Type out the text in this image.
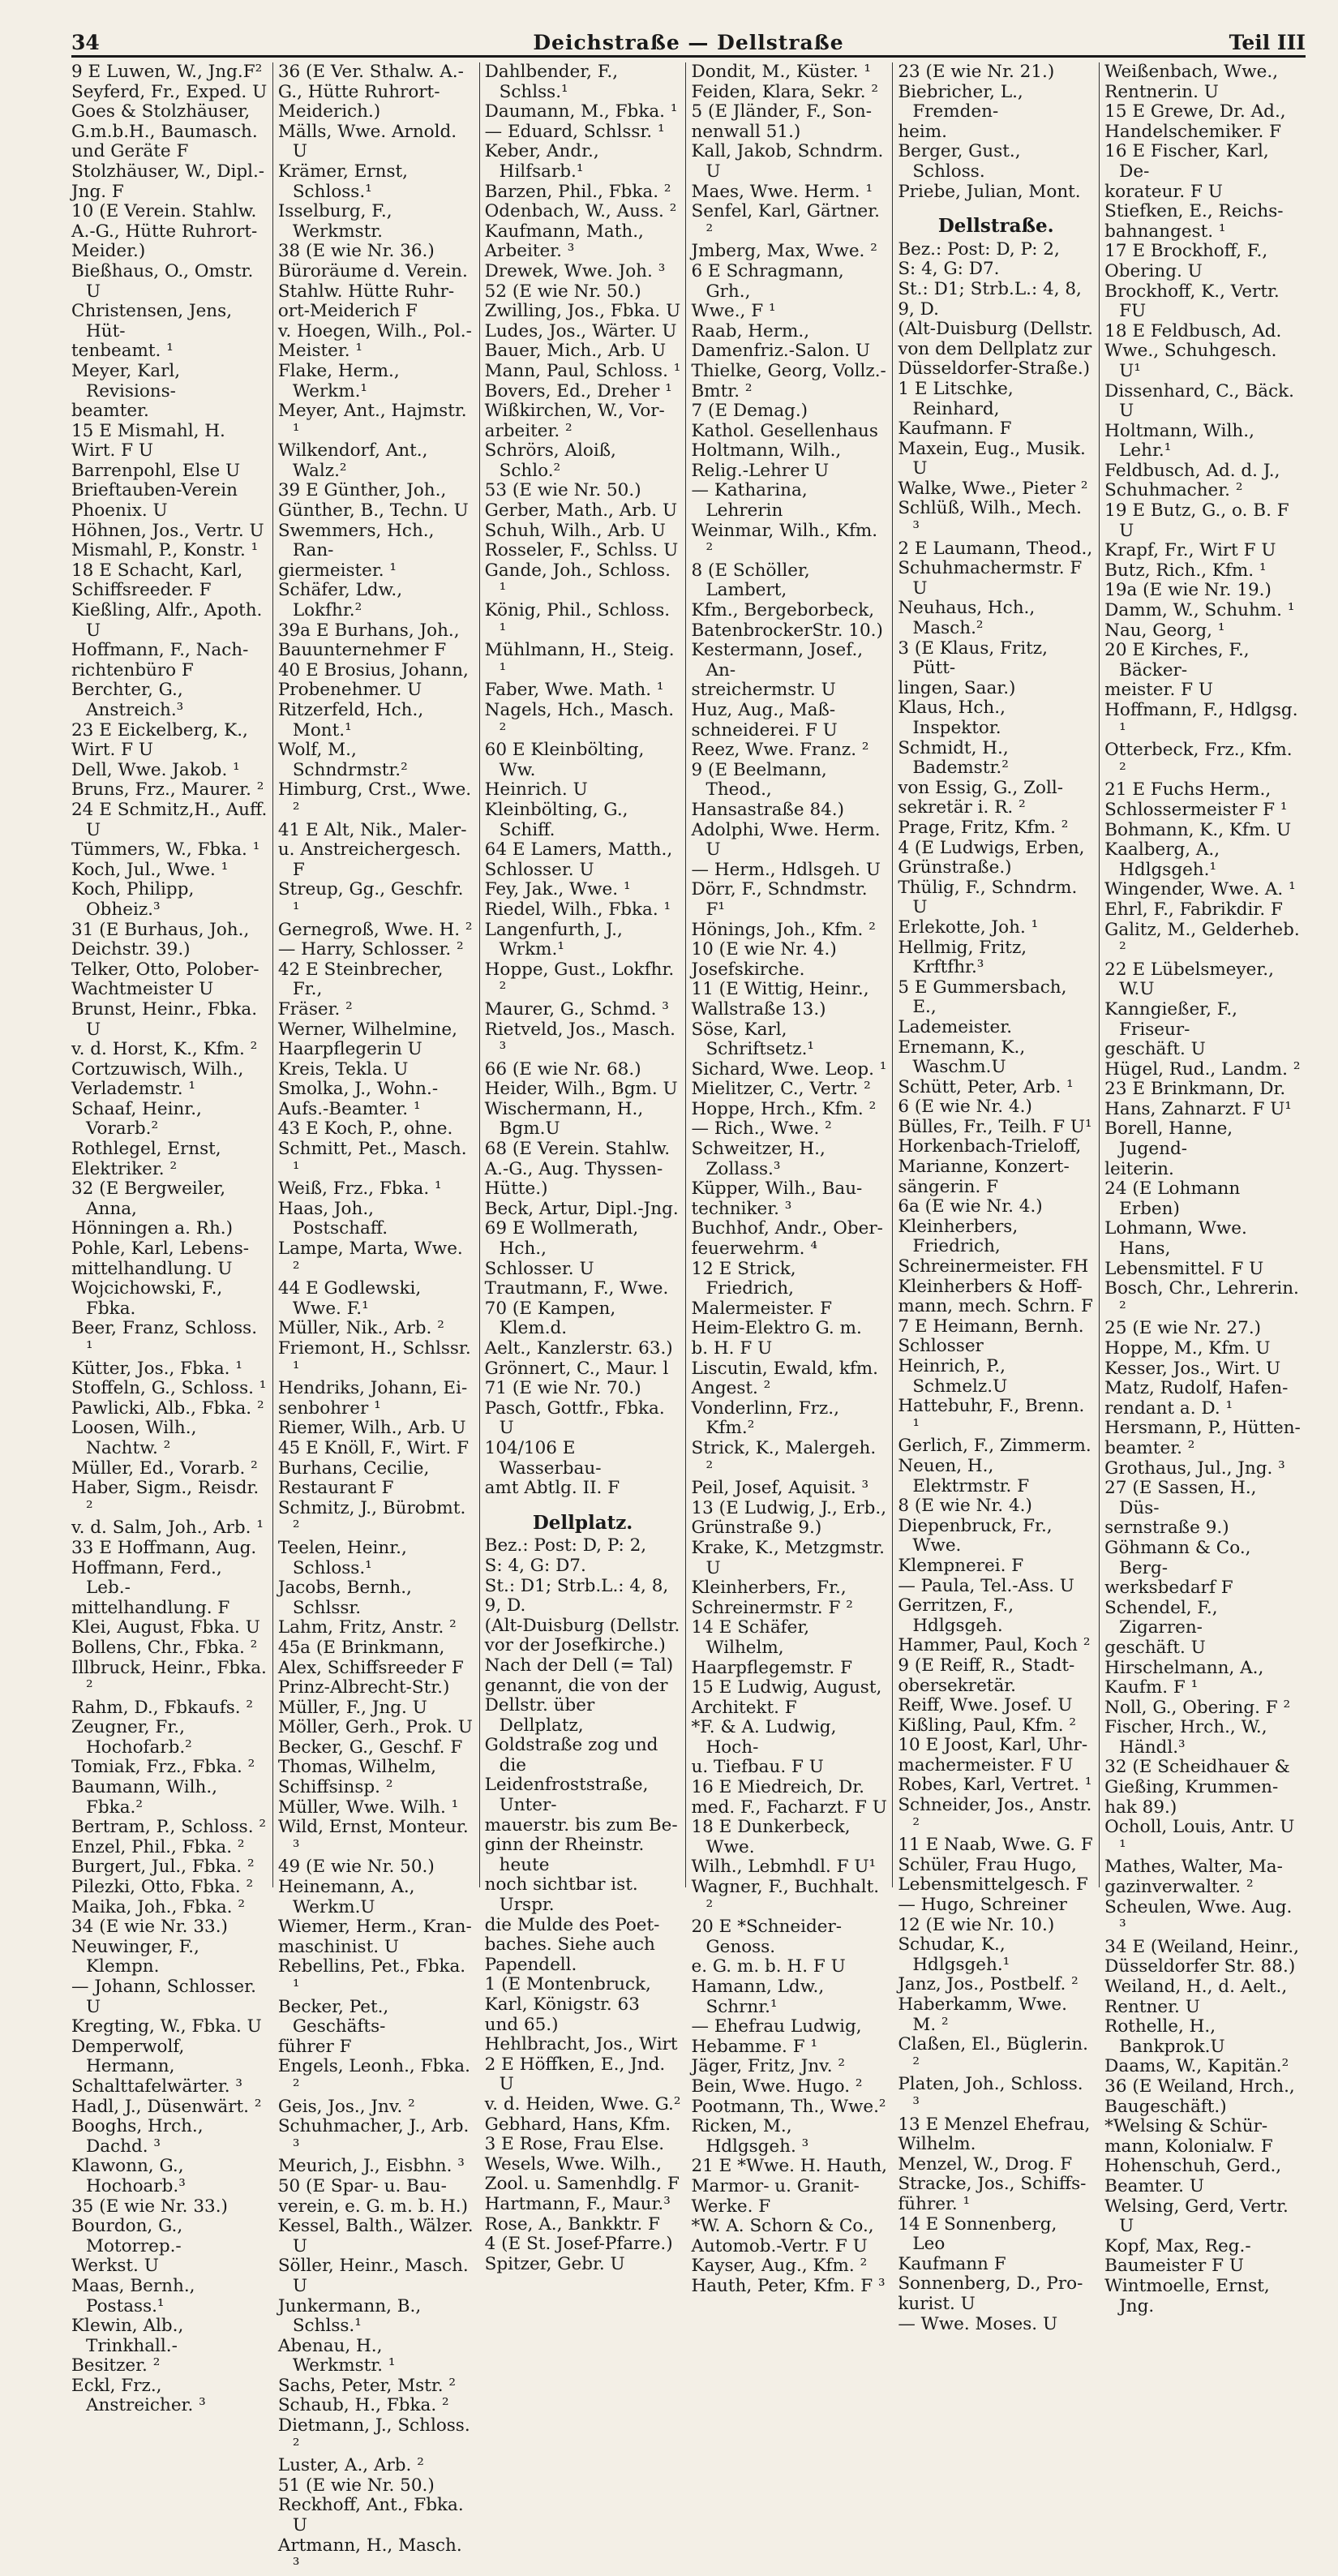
34	Deichstraße — Dellstraße	Teil III
9 E Luwen, W., Jng.F²
Seyferd, Fr., Exped. U
Goes & Stolzhäuser,
G.m.b.H., Baumasch.
und Geräte F
Stolzhäuser, W., Dipl.-
Jng. F
10 (E Verein. Stahlw.
A.-G., Hütte Ruhrort-
Meider.)
Bießhaus, O., Omstr. U
Christensen, Jens, Hüt-
tenbeamt. ¹
Meyer, Karl, Revisions-
beamter.
15 E Mismahl, H.
Wirt. F U
Barrenpohl, Else U
Brieftauben-Verein
Phoenix. U
Höhnen, Jos., Vertr. U
Mismahl, P., Konstr. ¹
18 E Schacht, Karl,
Schiffsreeder. F
Kießling, Alfr., Apoth. U
Hoffmann, F., Nach-
richtenbüro F
Berchter, G., Anstreich.³
23 E Eickelberg, K.,
Wirt. F U
Dell, Wwe. Jakob. ¹
Bruns, Frz., Maurer. ²
24 E Schmitz,H., Auff. U
Tümmers, W., Fbka. ¹
Koch, Jul., Wwe. ¹
Koch, Philipp, Obheiz.³
31 (E Burhaus, Joh.,
Deichstr. 39.)
Telker, Otto, Polober-
Wachtmeister U
Brunst, Heinr., Fbka. U
v. d. Horst, K., Kfm. ²
Cortzuwisch, Wilh.,
Verlademstr. ¹
Schaaf, Heinr., Vorarb.²
Rothlegel, Ernst,
Elektriker. ²
32 (E Bergweiler, Anna,
Hönningen a. Rh.)
Pohle, Karl, Lebens-
mittelhandlung. U
Wojcichowski, F., Fbka.
Beer, Franz, Schloss. ¹
Kütter, Jos., Fbka. ¹
Stoffeln, G., Schloss. ¹
Pawlicki, Alb., Fbka. ²
Loosen, Wilh., Nachtw. ²
Müller, Ed., Vorarb. ²
Haber, Sigm., Reisdr. ²
v. d. Salm, Joh., Arb. ¹
33 E Hoffmann, Aug.
Hoffmann, Ferd., Leb.-
mittelhandlung. F
Klei, August, Fbka. U
Bollens, Chr., Fbka. ²
Illbruck, Heinr., Fbka. ²
Rahm, D., Fbkaufs. ²
Zeugner, Fr., Hochofarb.²
Tomiak, Frz., Fbka. ²
Baumann, Wilh., Fbka.²
Bertram, P., Schloss. ²
Enzel, Phil., Fbka. ²
Burgert, Jul., Fbka. ²
Pilezki, Otto, Fbka. ²
Maika, Joh., Fbka. ²
34 (E wie Nr. 33.)
Neuwinger, F., Klempn.
— Johann, Schlosser. U
Kregting, W., Fbka. U
Demperwolf, Hermann,
Schalttafelwärter. ³
Hadl, J., Düsenwärt. ²
Booghs, Hrch., Dachd. ³
Klawonn, G., Hochoarb.³
35 (E wie Nr. 33.)
Bourdon, G., Motorrep.-
Werkst. U
Maas, Bernh., Postass.¹
Klewin, Alb., Trinkhall.-
Besitzer. ²
Eckl, Frz., Anstreicher. ³
36 (E Ver. Sthalw. A.-
G., Hütte Ruhrort-
Meiderich.)
Mälls, Wwe. Arnold. U
Krämer, Ernst, Schloss.¹
Isselburg, F., Werkmstr.
38 (E wie Nr. 36.)
Büroräume d. Verein.
Stahlw. Hütte Ruhr-
ort-Meiderich F
v. Hoegen, Wilh., Pol.-
Meister. ¹
Flake, Herm., Werkm.¹
Meyer, Ant., Hajmstr. ¹
Wilkendorf, Ant., Walz.²
39 E Günther, Joh.,
Günther, B., Techn. U
Swemmers, Hch., Ran-
giermeister. ¹
Schäfer, Ldw., Lokfhr.²
39a E Burhans, Joh.,
Bauunternehmer F
40 E Brosius, Johann,
Probenehmer. U
Ritzerfeld, Hch., Mont.¹
Wolf, M., Schndrmstr.²
Himburg, Crst., Wwe. ²
41 E Alt, Nik., Maler-
u. Anstreichergesch. F
Streup, Gg., Geschfr. ¹
Gernegroß, Wwe. H. ²
— Harry, Schlosser. ²
42 E Steinbrecher, Fr.,
Fräser. ²
Werner, Wilhelmine,
Haarpflegerin U
Kreis, Tekla. U
Smolka, J., Wohn.-
Aufs.-Beamter. ¹
43 E Koch, P., ohne.
Schmitt, Pet., Masch. ¹
Weiß, Frz., Fbka. ¹
Haas, Joh., Postschaff.
Lampe, Marta, Wwe. ²
44 E Godlewski, Wwe. F.¹
Müller, Nik., Arb. ²
Friemont, H., Schlssr. ¹
Hendriks, Johann, Ei-
senbohrer ¹
Riemer, Wilh., Arb. U
45 E Knöll, F., Wirt. F
Burhans, Cecilie,
Restaurant F
Schmitz, J., Bürobmt. ²
Teelen, Heinr., Schloss.¹
Jacobs, Bernh., Schlssr.
Lahm, Fritz, Anstr. ²
45a (E Brinkmann,
Alex, Schiffsreeder F
Prinz-Albrecht-Str.)
Müller, F., Jng. U
Möller, Gerh., Prok. U
Becker, G., Geschf. F
Thomas, Wilhelm,
Schiffsinsp. ²
Müller, Wwe. Wilh. ¹
Wild, Ernst, Monteur. ³
49 (E wie Nr. 50.)
Heinemann, A., Werkm.U
Wiemer, Herm., Kran-
maschinist. U
Rebellins, Pet., Fbka. ¹
Becker, Pet., Geschäfts-
führer F
Engels, Leonh., Fbka. ²
Geis, Jos., Jnv. ²
Schuhmacher, J., Arb. ³
Meurich, J., Eisbhn. ³
50 (E Spar- u. Bau-
verein, e. G. m. b. H.)
Kessel, Balth., Wälzer. U
Söller, Heinr., Masch. U
Junkermann, B., Schlss.¹
Abenau, H., Werkmstr. ¹
Sachs, Peter, Mstr. ²
Schaub, H., Fbka. ²
Dietmann, J., Schloss. ²
Luster, A., Arb. ²
51 (E wie Nr. 50.)
Reckhoff, Ant., Fbka. U
Artmann, H., Masch. ³
Dahlbender, F., Schlss.¹
Daumann, M., Fbka. ¹
— Eduard, Schlssr. ¹
Keber, Andr., Hilfsarb.¹
Barzen, Phil., Fbka. ²
Odenbach, W., Auss. ²
Kaufmann, Math.,
Arbeiter. ³
Drewek, Wwe. Joh. ³
52 (E wie Nr. 50.)
Zwilling, Jos., Fbka. U
Ludes, Jos., Wärter. U
Bauer, Mich., Arb. U
Mann, Paul, Schloss. ¹
Bovers, Ed., Dreher ¹
Wißkirchen, W., Vor-
arbeiter. ²
Schrörs, Aloiß, Schlo.²
53 (E wie Nr. 50.)
Gerber, Math., Arb. U
Schuh, Wilh., Arb. U
Rosseler, F., Schlss. U
Gande, Joh., Schloss. ¹
König, Phil., Schloss. ¹
Mühlmann, H., Steig. ¹
Faber, Wwe. Math. ¹
Nagels, Hch., Masch. ²
60 E Kleinbölting, Ww.
Heinrich. U
Kleinbölting, G., Schiff.
64 E Lamers, Matth.,
Schlosser. U
Fey, Jak., Wwe. ¹
Riedel, Wilh., Fbka. ¹
Langenfurth, J., Wrkm.¹
Hoppe, Gust., Lokfhr. ²
Maurer, G., Schmd. ³
Rietveld, Jos., Masch. ³
66 (E wie Nr. 68.)
Heider, Wilh., Bgm. U
Wischermann, H., Bgm.U
68 (E Verein. Stahlw.
A.-G., Aug. Thyssen-
Hütte.)
Beck, Artur, Dipl.-Jng.
69 E Wollmerath, Hch.,
Schlosser. U
Trautmann, F., Wwe.
70 (E Kampen, Klem.d.
Aelt., Kanzlerstr. 63.)
Grönnert, C., Maur. l
71 (E wie Nr. 70.)
Pasch, Gottfr., Fbka. U
104/106 E Wasserbau-
amt Abtlg. II. F
Dellplatz.
Bez.: Post: D, P: 2,
S: 4, G: D7.
St.: D1; Strb.L.: 4, 8,
9, D.
(Alt-Duisburg (Dellstr.
vor der Josefkirche.)
Nach der Dell (= Tal)
genannt, die von der
Dellstr. über Dellplatz,
Goldstraße zog und die
Leidenfroststraße, Unter-
mauerstr. bis zum Be-
ginn der Rheinstr. heute
noch sichtbar ist. Urspr.
die Mulde des Poet-
baches. Siehe auch
Papendell.
1 (E Montenbruck,
Karl, Königstr. 63
und 65.)
Hehlbracht, Jos., Wirt
2 E Höffken, E., Jnd. U
v. d. Heiden, Wwe. G.²
Gebhard, Hans, Kfm.
3 E Rose, Frau Else.
Wesels, Wwe. Wilh.,
Zool. u. Samenhdlg. F
Hartmann, F., Maur.³
Rose, A., Bankktr. F
4 (E St. Josef-Pfarre.)
Spitzer, Gebr. U
Dondit, M., Küster. ¹
Feiden, Klara, Sekr. ²
5 (E Jländer, F., Son-
nenwall 51.)
Kall, Jakob, Schndrm. U
Maes, Wwe. Herm. ¹
Senfel, Karl, Gärtner. ²
Jmberg, Max, Wwe. ²
6 E Schragmann, Grh.,
Wwe., F ¹
Raab, Herm.,
Damenfriz.-Salon. U
Thielke, Georg, Vollz.-
Bmtr. ²
7 (E Demag.)
Kathol. Gesellenhaus
Holtmann, Wilh.,
Relig.-Lehrer U
— Katharina, Lehrerin
Weinmar, Wilh., Kfm. ²
8 (E Schöller, Lambert,
Kfm., Bergeborbeck,
BatenbrockerStr. 10.)
Kestermann, Josef., An-
streichermstr. U
Huz, Aug., Maß-
schneiderei. F U
Reez, Wwe. Franz. ²
9 (E Beelmann, Theod.,
Hansastraße 84.)
Adolphi, Wwe. Herm. U
— Herm., Hdlsgeh. U
Dörr, F., Schndmstr. F¹
Hönings, Joh., Kfm. ²
10 (E wie Nr. 4.)
Josefskirche.
11 (E Wittig, Heinr.,
Wallstraße 13.)
Söse, Karl, Schriftsetz.¹
Sichard, Wwe. Leop. ¹
Mielitzer, C., Vertr. ²
Hoppe, Hrch., Kfm. ²
— Rich., Wwe. ²
Schweitzer, H., Zollass.³
Küpper, Wilh., Bau-
techniker. ³
Buchhof, Andr., Ober-
feuerwehrm. ⁴
12 E Strick, Friedrich,
Malermeister. F
Heim-Elektro G. m.
b. H. F U
Liscutin, Ewald, kfm.
Angest. ²
Vonderlinn, Frz., Kfm.²
Strick, K., Malergeh. ²
Peil, Josef, Aquisit. ³
13 (E Ludwig, J., Erb.,
Grünstraße 9.)
Krake, K., Metzgmstr. U
Kleinherbers, Fr.,
Schreinermstr. F ²
14 E Schäfer, Wilhelm,
Haarpflegemstr. F
15 E Ludwig, August,
Architekt. F
*F. & A. Ludwig, Hoch-
u. Tiefbau. F U
16 E Miedreich, Dr.
med. F., Facharzt. F U
18 E Dunkerbeck, Wwe.
Wilh., Lebmhdl. F U¹
Wagner, F., Buchhalt. ²
20 E *Schneider-Genoss.
e. G. m. b. H. F U
Hamann, Ldw., Schrnr.¹
— Ehefrau Ludwig,
Hebamme. F ¹
Jäger, Fritz, Jnv. ²
Bein, Wwe. Hugo. ²
Pootmann, Th., Wwe.²
Ricken, M., Hdlgsgeh. ³
21 E *Wwe. H. Hauth,
Marmor- u. Granit-
Werke. F
*W. A. Schorn & Co.,
Automob.-Vertr. F U
Kayser, Aug., Kfm. ²
Hauth, Peter, Kfm. F ³
23 (E wie Nr. 21.)
Biebricher, L., Fremden-
heim.
Berger, Gust., Schloss.
Priebe, Julian, Mont.
Dellstraße.
Bez.: Post: D, P: 2,
S: 4, G: D7.
St.: D1; Strb.L.: 4, 8,
9, D.
(Alt-Duisburg (Dellstr.
von dem Dellplatz zur
Düsseldorfer-Straße.)
1 E Litschke, Reinhard,
Kaufmann. F
Maxein, Eug., Musik. U
Walke, Wwe., Pieter ²
Schlüß, Wilh., Mech. ³
2 E Laumann, Theod.,
Schuhmachermstr. F U
Neuhaus, Hch., Masch.²
3 (E Klaus, Fritz, Pütt-
lingen, Saar.)
Klaus, Hch., Inspektor.
Schmidt, H., Bademstr.²
von Essig, G., Zoll-
sekretär i. R. ²
Prage, Fritz, Kfm. ²
4 (E Ludwigs, Erben,
Grünstraße.)
Thülig, F., Schndrm. U
Erlekotte, Joh. ¹
Hellmig, Fritz, Krftfhr.³
5 E Gummersbach, E.,
Lademeister.
Ernemann, K., Waschm.U
Schütt, Peter, Arb. ¹
6 (E wie Nr. 4.)
Bülles, Fr., Teilh. F U¹
Horkenbach-Trieloff,
Marianne, Konzert-
sängerin. F
6a (E wie Nr. 4.)
Kleinherbers, Friedrich,
Schreinermeister. FH
Kleinherbers & Hoff-
mann, mech. Schrn. F
7 E Heimann, Bernh.
Schlosser
Heinrich, P., Schmelz.U
Hattebuhr, F., Brenn. ¹
Gerlich, F., Zimmerm.
Neuen, H., Elektrmstr. F
8 (E wie Nr. 4.)
Diepenbruck, Fr., Wwe.
Klempnerei. F
— Paula, Tel.-Ass. U
Gerritzen, F., Hdlgsgeh.
Hammer, Paul, Koch ²
9 (E Reiff, R., Stadt-
obersekretär.
Reiff, Wwe. Josef. U
Kißling, Paul, Kfm. ²
10 E Joost, Karl, Uhr-
machermeister. F U
Robes, Karl, Vertret. ¹
Schneider, Jos., Anstr. ²
11 E Naab, Wwe. G. F
Schüler, Frau Hugo,
Lebensmittelgesch. F
— Hugo, Schreiner
12 (E wie Nr. 10.)
Schudar, K., Hdlgsgeh.¹
Janz, Jos., Postbelf. ²
Haberkamm, Wwe. M. ²
Claßen, El., Büglerin. ²
Platen, Joh., Schloss. ³
13 E Menzel Ehefrau,
Wilhelm.
Menzel, W., Drog. F
Stracke, Jos., Schiffs-
führer. ¹
14 E Sonnenberg, Leo
Kaufmann F
Sonnenberg, D., Pro-
kurist. U
— Wwe. Moses. U
Weißenbach, Wwe.,
Rentnerin. U
15 E Grewe, Dr. Ad.,
Handelschemiker. F
16 E Fischer, Karl, De-
korateur. F U
Stiefken, E., Reichs-
bahnangest. ¹
17 E Brockhoff, F.,
Obering. U
Brockhoff, K., Vertr. FU
18 E Feldbusch, Ad.
Wwe., Schuhgesch. U¹
Dissenhard, C., Bäck. U
Holtmann, Wilh., Lehr.¹
Feldbusch, Ad. d. J.,
Schuhmacher. ²
19 E Butz, G., o. B. F U
Krapf, Fr., Wirt F U
Butz, Rich., Kfm. ¹
19a (E wie Nr. 19.)
Damm, W., Schuhm. ¹
Nau, Georg, ¹
20 E Kirches, F., Bäcker-
meister. F U
Hoffmann, F., Hdlgsg. ¹
Otterbeck, Frz., Kfm. ²
21 E Fuchs Herm.,
Schlossermeister F ¹
Bohmann, K., Kfm. U
Kaalberg, A., Hdlgsgeh.¹
Wingender, Wwe. A. ¹
Ehrl, F., Fabrikdir. F
Galitz, M., Gelderheb. ²
22 E Lübelsmeyer., W.U
Kanngießer, F., Friseur-
geschäft. U
Hügel, Rud., Landm. ²
23 E Brinkmann, Dr.
Hans, Zahnarzt. F U¹
Borell, Hanne, Jugend-
leiterin.
24 (E Lohmann Erben)
Lohmann, Wwe. Hans,
Lebensmittel. F U
Bosch, Chr., Lehrerin. ²
25 (E wie Nr. 27.)
Hoppe, M., Kfm. U
Kesser, Jos., Wirt. U
Matz, Rudolf, Hafen-
rendant a. D. ¹
Hersmann, P., Hütten-
beamter. ²
Grothaus, Jul., Jng. ³
27 (E Sassen, H., Düs-
sernstraße 9.)
Göhmann & Co., Berg-
werksbedarf F
Schendel, F., Zigarren-
geschäft. U
Hirschelmann, A.,
Kaufm. F ¹
Noll, G., Obering. F ²
Fischer, Hrch., W., Händl.³
32 (E Scheidhauer &
Gießing, Krummen-
hak 89.)
Ocholl, Louis, Antr. U ¹
Mathes, Walter, Ma-
gazinverwalter. ²
Scheulen, Wwe. Aug. ³
34 E (Weiland, Heinr.,
Düsseldorfer Str. 88.)
Weiland, H., d. Aelt.,
Rentner. U
Rothelle, H., Bankprok.U
Daams, W., Kapitän.²
36 (E Weiland, Hrch.,
Baugeschäft.)
*Welsing & Schür-
mann, Kolonialw. F
Hohenschuh, Gerd.,
Beamter. U
Welsing, Gerd, Vertr. U
Kopf, Max, Reg.-
Baumeister F U
Wintmoelle, Ernst, Jng.
